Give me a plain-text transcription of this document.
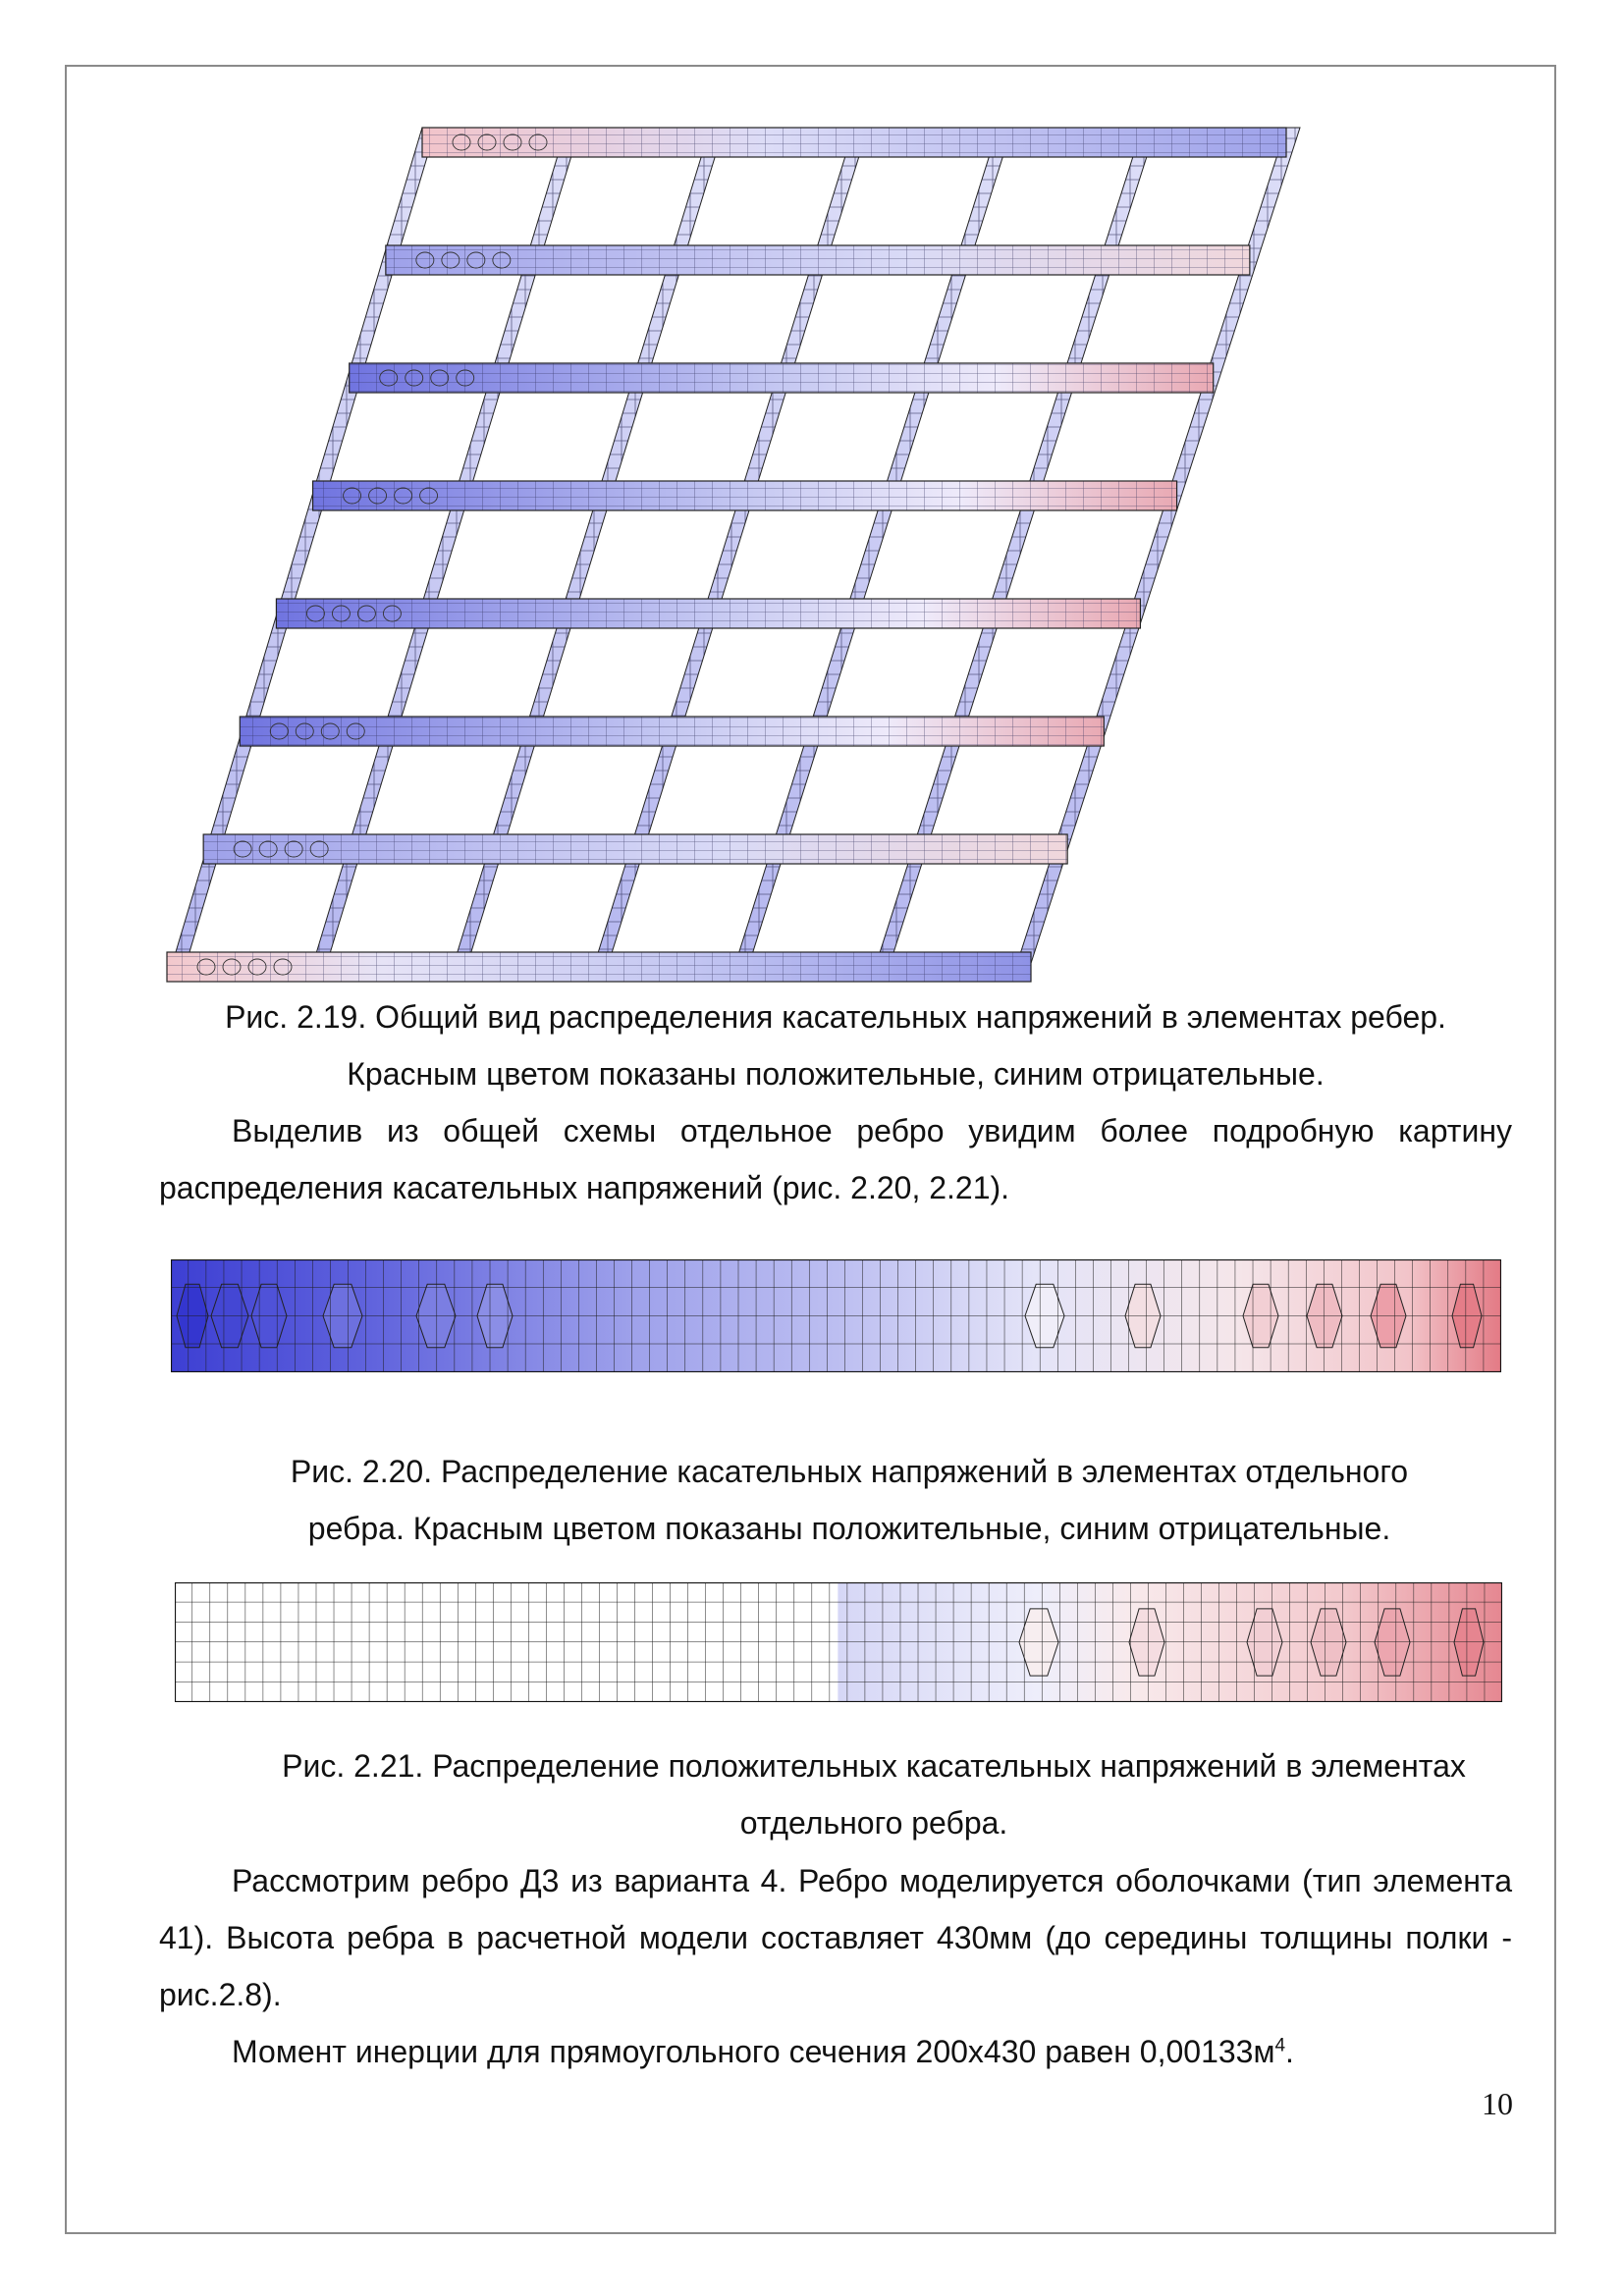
Рис. 2.19. Общий вид распределения касательных напряжений в элементах ребер.
Красным цветом показаны положительные, синим отрицательные.
Выделив из общей схемы отдельное ребро увидим более подробную картину распределения касательных напряжений (рис. 2.20, 2.21).
Рис. 2.20. Распределение касательных напряжений в элементах отдельного
ребра. Красным цветом показаны положительные, синим отрицательные.
Рис. 2.21. Распределение положительных касательных напряжений в элементах
отдельного ребра.
Рассмотрим ребро Д3 из варианта 4. Ребро моделируется оболочками (тип элемента 41). Высота ребра в расчетной модели составляет 430мм (до середины толщины полки - рис.2.8).
Момент инерции для прямоугольного сечения 200х430 равен $0,00133м^4$.
10
